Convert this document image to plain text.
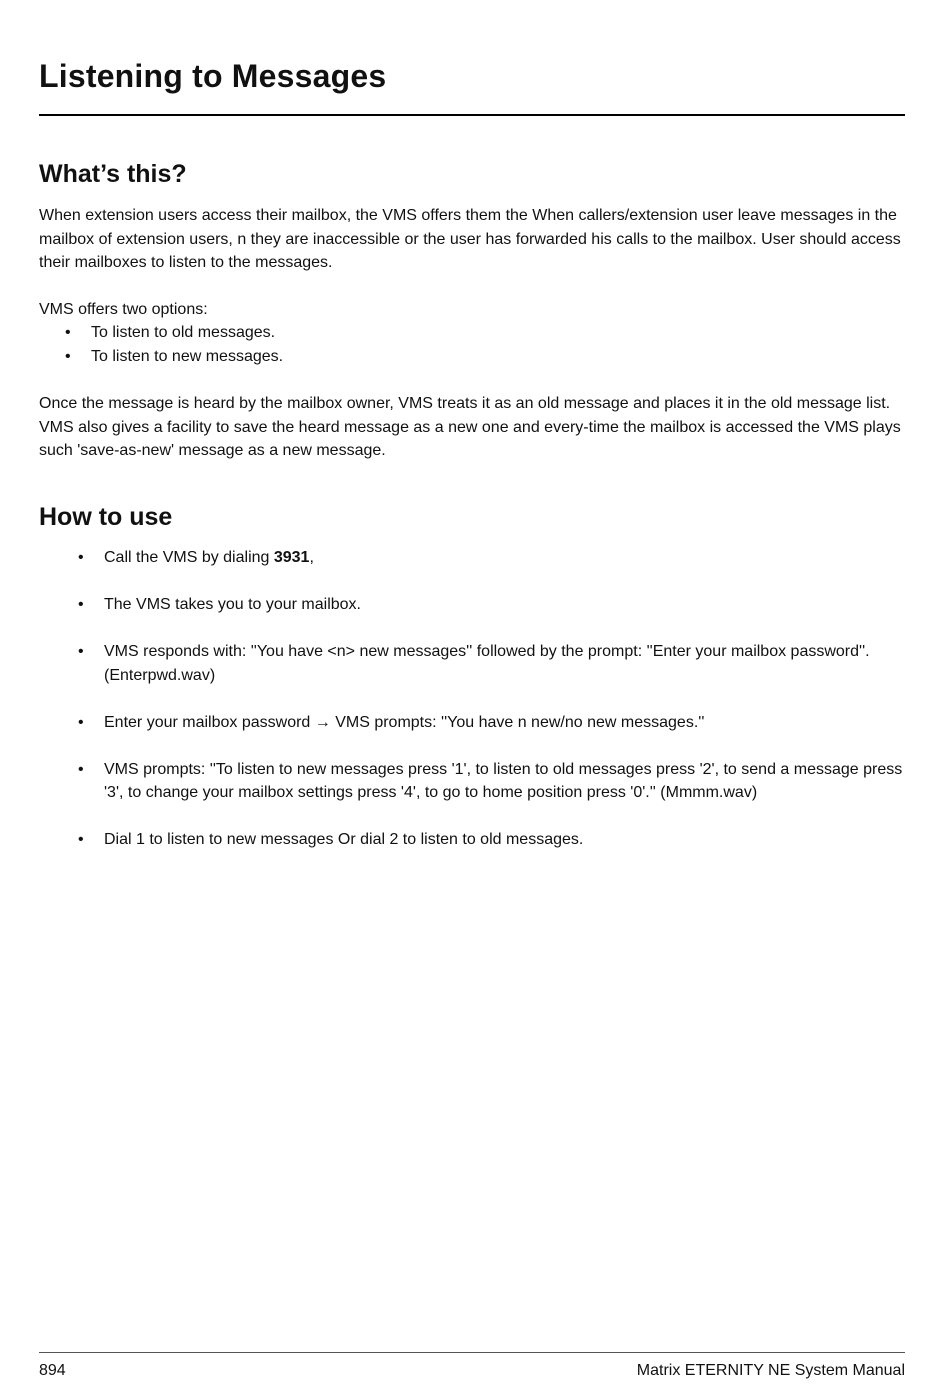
Listening to Messages
What’s this?

When extension users access their mailbox, the VMS offers them the When callers/extension user leave messages in the mailbox of extension users, n they are inaccessible or the user has forwarded his calls to the mailbox. User should access their mailboxes to listen to the messages.

VMS offers two options:

• To listen to old messages.
• To listen to new messages.

Once the message is heard by the mailbox owner, VMS treats it as an old message and places it in the old message list. VMS also gives a facility to save the heard message as a new one and every-time the mailbox is accessed the VMS plays such 'save-as-new' message as a new message.

How to use
• Call the VMS by dialing 3931,
• The VMS takes you to your mailbox.
• VMS responds with: ''You have <n> new messages'' followed by the prompt: ''Enter your mailbox password''. (Enterpwd.wav)
• Enter your mailbox password → VMS prompts: ''You have n new/no new messages.''
• VMS prompts: ''To listen to new messages press '1', to listen to old messages press '2', to send a message press '3', to change your mailbox settings press '4', to go to home position press '0'.'' (Mmmm.wav)
• Dial 1 to listen to new messages Or dial 2 to listen to old messages.
894	Matrix ETERNITY NE System Manual
